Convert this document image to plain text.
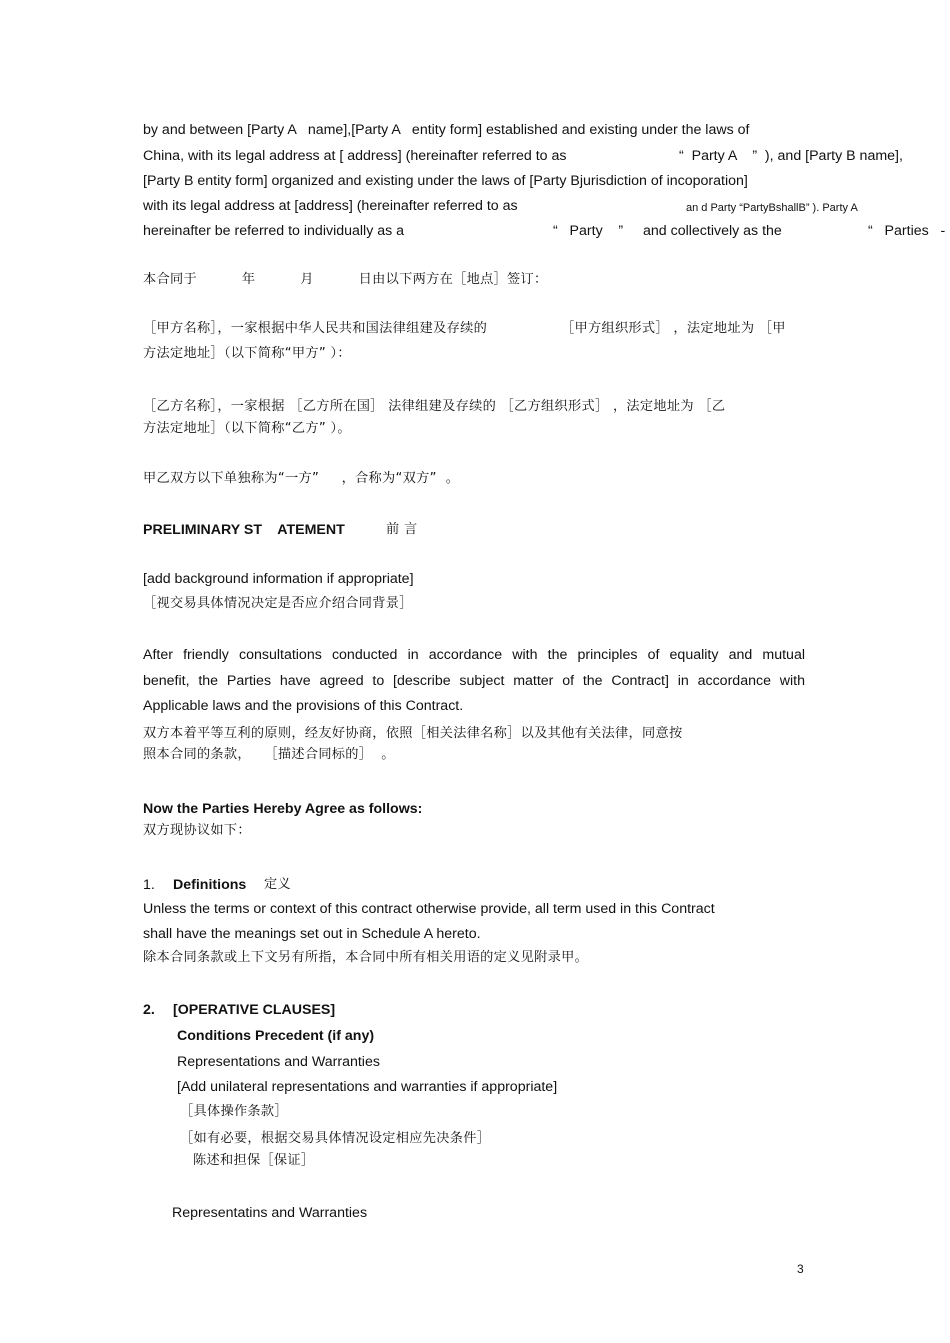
by and between [Party A   name],[Party A   entity form] established and existing under the laws of
China, with its legal address at [ address] (hereinafter referred to as	“  Party A    ”  ), and [Party B name],
[Party B entity form] organized and existing under the laws of [Party Bjurisdiction of incoporation]
with its legal address at [address] (hereinafter referred to as	an d Party “PartyBshallB” ). Party A
hereinafter be referred to individually as a	“   Party    ” and collectively as the	“   Parties   -
本合同于          年          月          日由以下两方在［地点］签订：
［甲方名称］，一家根据中华人民共和国法律组建及存续的	［甲方组织形式］ ，法定地址为 ［甲
方法定地址］（以下简称“甲方” ）：
［乙方名称］，一家根据 ［乙方所在国］ 法律组建及存续的 ［乙方组织形式］ ，法定地址为 ［乙
方法定地址］（以下简称“乙方” ）。
甲乙双方以下单独称为“一方”     ，合称为“双方”  。
PRELIMINARY ST    ATEMENT	前 言
[add background information if appropriate]
［视交易具体情况决定是否应介绍合同背景］
After friendly consultations conducted in accordance with the principles of equality and mutual
benefit, the Parties have agreed to [describe subject matter of the Contract] in accordance with
Applicable laws and the provisions of this Contract.
双方本着平等互利的原则，经友好协商，依照［相关法律名称］以及其他有关法律，同意按
照本合同的条款，   ［描述合同标的］  。
Now the Parties Hereby Agree as follows:
双方现协议如下：
1. Definitions 定义
Unless the terms or context of this contract otherwise provide, all term used in this Contract
shall have the meanings set out in Schedule A hereto.
除本合同条款或上下文另有所指，本合同中所有相关用语的定义见附录甲。
2. [OPERATIVE CLAUSES]
Conditions Precedent (if any)
Representations and Warranties
[Add unilateral representations and warranties if appropriate]
［具体操作条款］
［如有必要，根据交易具体情况设定相应先决条件］
陈述和担保［保证］
Representatins and Warranties
3
